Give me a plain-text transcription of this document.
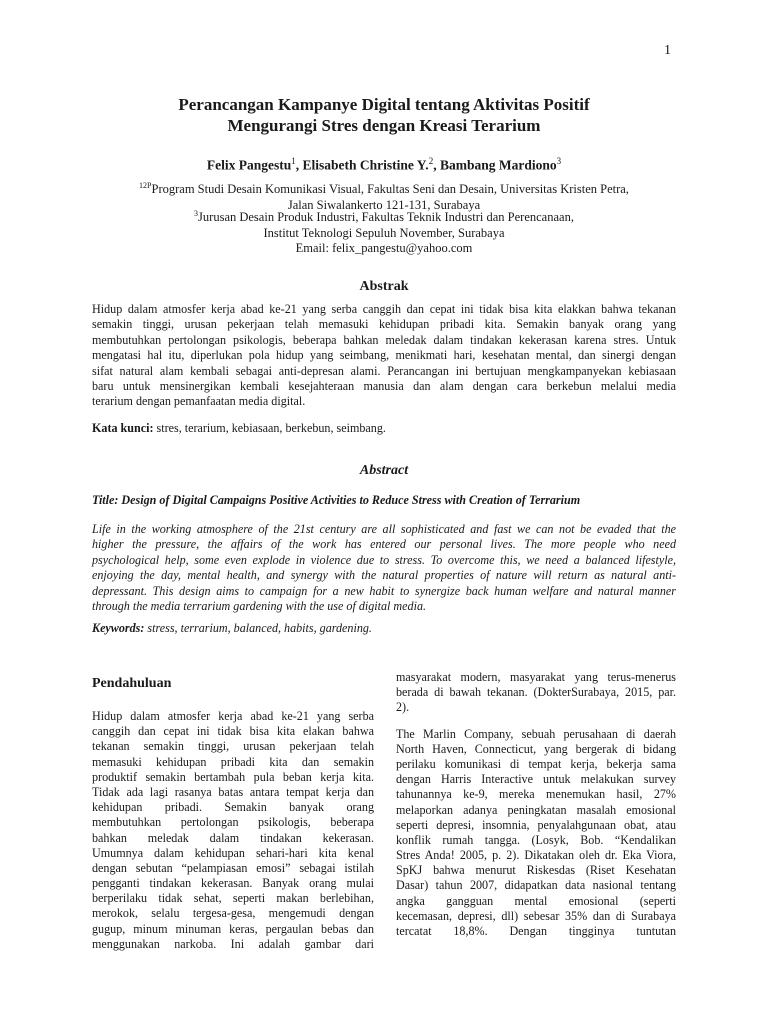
1
Perancangan Kampanye Digital tentang Aktivitas Positif
Mengurangi Stres dengan Kreasi Terarium
Felix Pangestu$^1$, Elisabeth Christine Y.$^2$, Bambang Mardiono$^3$
$^{12P}$Program Studi Desain Komunikasi Visual, Fakultas Seni dan Desain, Universitas Kristen Petra,
Jalan Siwalankerto 121-131, Surabaya
$^3$Jurusan Desain Produk Industri, Fakultas Teknik Industri dan Perencanaan,
Institut Teknologi Sepuluh November, Surabaya
Email: felix_pangestu@yahoo.com
Abstrak
Hidup dalam atmosfer kerja abad ke-21 yang serba canggih dan cepat ini tidak bisa kita elakkan bahwa tekanan
semakin tinggi, urusan pekerjaan telah memasuki kehidupan pribadi kita. Semakin banyak orang yang
membutuhkan pertolongan psikologis, beberapa bahkan meledak dalam tindakan kekerasan karena stres. Untuk
mengatasi hal itu, diperlukan pola hidup yang seimbang, menikmati hari, kesehatan mental, dan sinergi dengan
sifat natural alam kembali sebagai anti-depresan alami. Perancangan ini bertujuan mengkampanyekan kebiasaan
baru untuk mensinergikan kembali kesejahteraan manusia dan alam dengan cara berkebun melalui media
terarium dengan pemanfaatan media digital.
Kata kunci: stres, terarium, kebiasaan, berkebun, seimbang.
Abstract
Title: Design of Digital Campaigns Positive Activities to Reduce Stress with Creation of Terrarium
Life in the working atmosphere of the 21st century are all sophisticated and fast we can not be evaded that the
higher the pressure, the affairs of the work has entered our personal lives. The more people who need
psychological help, some even explode in violence due to stress. To overcome this, we need a balanced lifestyle,
enjoying the day, mental health, and synergy with the natural properties of nature will return as natural anti-
depressant. This design aims to campaign for a new habit to synergize back human welfare and natural manner
through the media terrarium gardening with the use of digital media.
Keywords: stress, terrarium, balanced, habits, gardening.
Pendahuluan
Hidup dalam atmosfer kerja abad ke-21 yang serba
canggih dan cepat ini tidak bisa kita elakan bahwa
tekanan semakin tinggi, urusan pekerjaan telah
memasuki kehidupan pribadi kita dan semakin
produktif semakin bertambah pula beban kerja kita.
Tidak ada lagi rasanya batas antara tempat kerja dan
kehidupan pribadi. Semakin banyak orang
membutuhkan pertolongan psikologis, beberapa
bahkan meledak dalam tindakan kekerasan.
Umumnya dalam kehidupan sehari-hari kita kenal
dengan sebutan “pelampiasan emosi” sebagai istilah
pengganti tindakan kekerasan. Banyak orang mulai
berperilaku tidak sehat, seperti makan berlebihan,
merokok, selalu tergesa-gesa, mengemudi dengan
gugup, minum minuman keras, pergaulan bebas dan
menggunakan narkoba. Ini adalah gambar dari
masyarakat modern, masyarakat yang terus-menerus
berada di bawah tekanan. (DokterSurabaya, 2015, par.
2).
The Marlin Company, sebuah perusahaan di daerah
North Haven, Connecticut, yang bergerak di bidang
perilaku komunikasi di tempat kerja, bekerja sama
dengan Harris Interactive untuk melakukan survey
tahunannya ke-9, mereka menemukan hasil, 27%
melaporkan adanya peningkatan masalah emosional
seperti depresi, insomnia, penyalahgunaan obat, atau
konflik rumah tangga. (Losyk, Bob. “Kendalikan
Stres Anda! 2005, p. 2). Dikatakan oleh dr. Eka Viora,
SpKJ bahwa menurut Riskesdas (Riset Kesehatan
Dasar) tahun 2007, didapatkan data nasional tentang
angka gangguan mental emosional (seperti
kecemasan, depresi, dll) sebesar 35% dan di Surabaya
tercatat 18,8%. Dengan tingginya tuntutan
